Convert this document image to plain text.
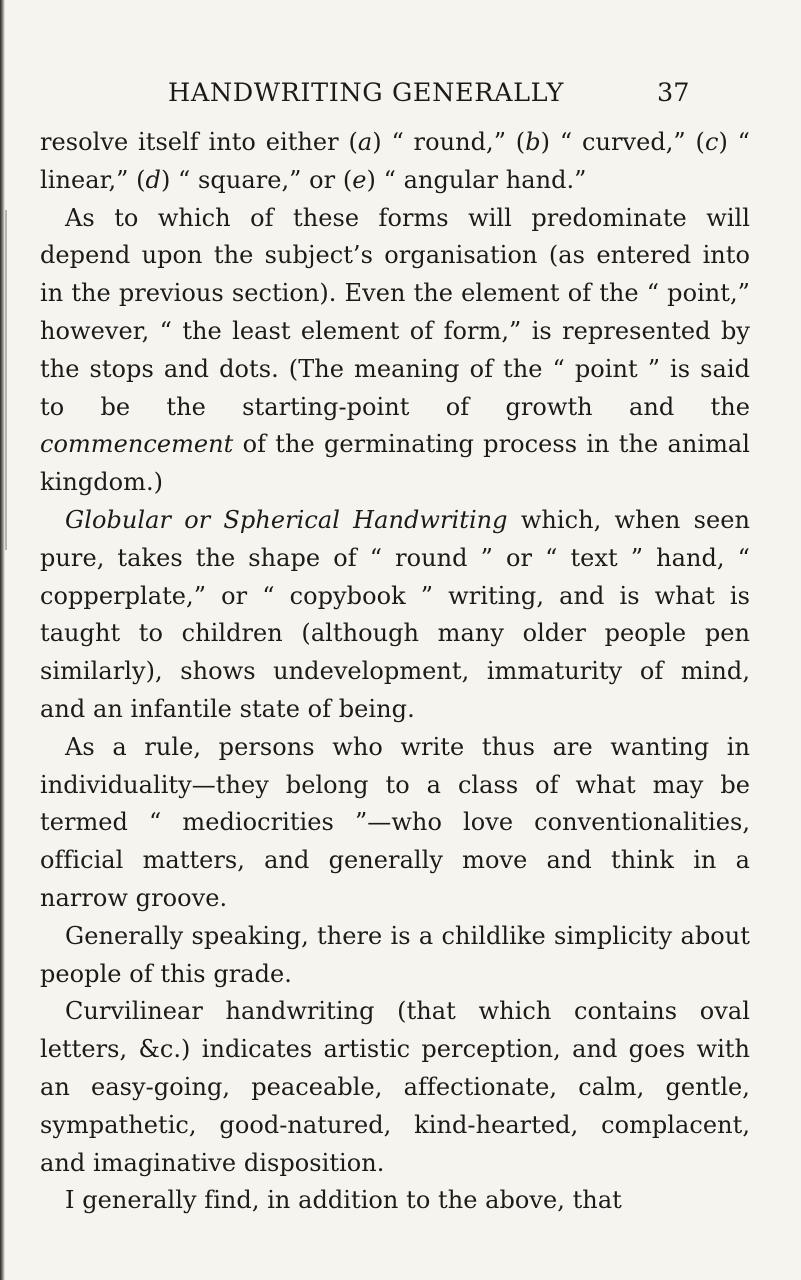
HANDWRITING GENERALLY	37

resolve itself into either (a) “ round,” (b) “ curved,” (c) “ linear,” (d) “ square,” or (e) “ angular hand.”

As to which of these forms will predominate will depend upon the subject’s organisation (as entered into in the previous section). Even the element of the “ point,” however, “ the least element of form,” is represented by the stops and dots. (The meaning of the “ point ” is said to be the starting-point of growth and the commencement of the germinating process in the animal kingdom.)

Globular or Spherical Handwriting which, when seen pure, takes the shape of “ round ” or “ text ” hand, “ copperplate,” or “ copybook ” writing, and is what is taught to children (although many older people pen similarly), shows undevelopment, immaturity of mind, and an infantile state of being.

As a rule, persons who write thus are wanting in individuality—they belong to a class of what may be termed “ mediocrities ”—who love conventionalities, official matters, and generally move and think in a narrow groove.

Generally speaking, there is a childlike simplicity about people of this grade.

Curvilinear handwriting (that which contains oval letters, &c.) indicates artistic perception, and goes with an easy-going, peaceable, affectionate, calm, gentle, sympathetic, good-natured, kind-hearted, complacent, and imaginative disposition.

I generally find, in addition to the above, that
